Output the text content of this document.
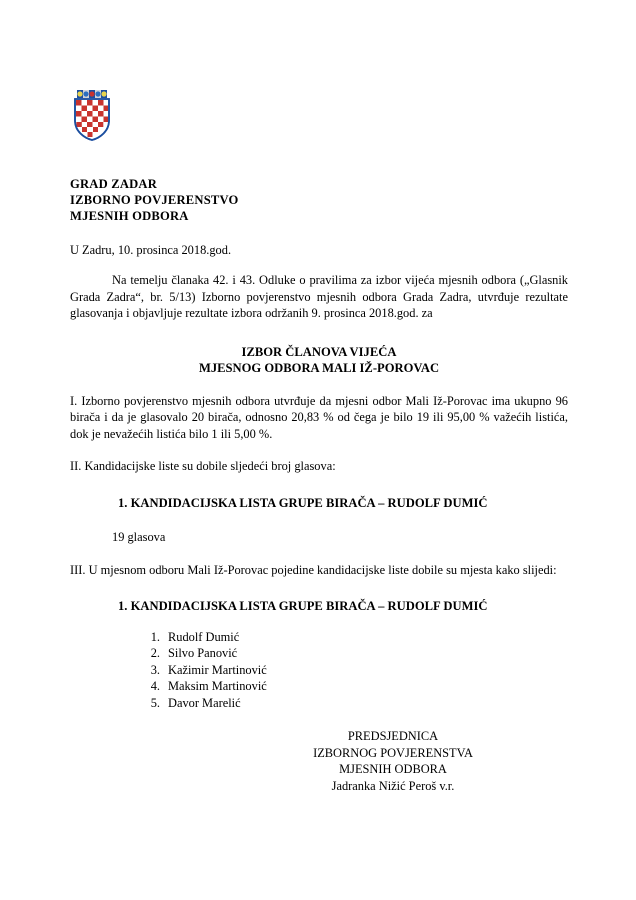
GRAD ZADAR
IZBORNO POVJERENSTVO
MJESNIH ODBORA
U Zadru, 10. prosinca 2018.god.
Na temelju članaka 42. i 43. Odluke o pravilima za izbor vijeća mjesnih odbora („Glasnik Grada Zadra“, br. 5/13) Izborno povjerenstvo mjesnih odbora Grada Zadra, utvrđuje rezultate glasovanja i objavljuje rezultate izbora održanih 9. prosinca 2018.god. za
IZBOR ČLANOVA VIJEĆA
MJESNOG ODBORA MALI IŽ-POROVAC
I. Izborno povjerenstvo mjesnih odbora utvrđuje da mjesni odbor Mali Iž-Porovac ima ukupno 96 birača i da je glasovalo 20 birača, odnosno 20,83 % od čega je bilo 19 ili 95,00 % važećih listića, dok je nevažećih listića bilo 1 ili 5,00 %.
II. Kandidacijske liste su dobile sljedeći broj glasova:
1. KANDIDACIJSKA LISTA GRUPE BIRAČA – RUDOLF DUMIĆ
19 glasova
III. U mjesnom odboru Mali Iž-Porovac pojedine kandidacijske liste dobile su mjesta kako slijedi:
1. KANDIDACIJSKA LISTA GRUPE BIRAČA – RUDOLF DUMIĆ
1. Rudolf Dumić
2. Silvo Panović
3. Kažimir Martinović
4. Maksim Martinović
5. Davor Marelić
PREDSJEDNICA
IZBORNOG POVJERENSTVA
MJESNIH ODBORA
Jadranka Nižić Peroš v.r.
